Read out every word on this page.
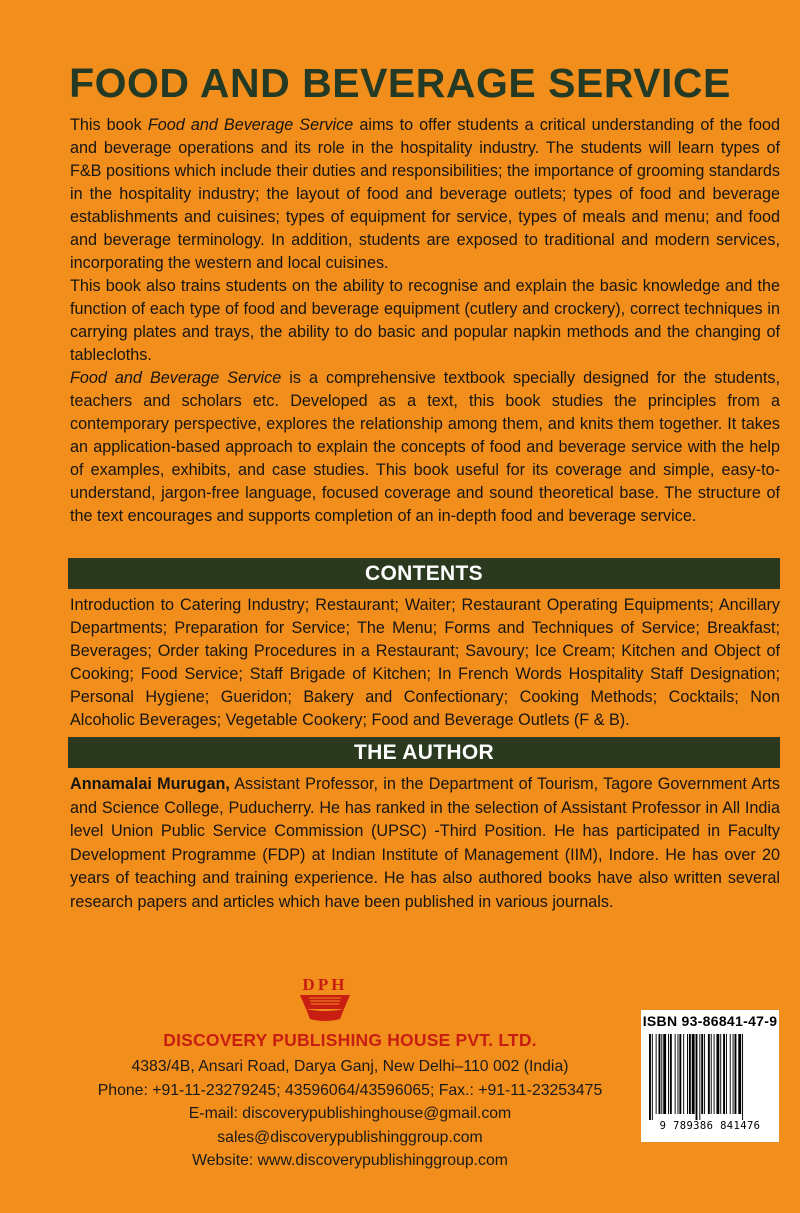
FOOD AND BEVERAGE SERVICE

This book Food and Beverage Service aims to offer students a critical understanding of the food and beverage operations and its role in the hospitality industry. The students will learn types of F&B positions which include their duties and responsibilities; the importance of grooming standards in the hospitality industry; the layout of food and beverage outlets; types of food and beverage establishments and cuisines; types of equipment for service, types of meals and menu; and food and beverage terminology. In addition, students are exposed to traditional and modern services, incorporating the western and local cuisines.

This book also trains students on the ability to recognise and explain the basic knowledge and the function of each type of food and beverage equipment (cutlery and crockery), correct techniques in carrying plates and trays, the ability to do basic and popular napkin methods and the changing of tablecloths.

Food and Beverage Service is a comprehensive textbook specially designed for the students, teachers and scholars etc. Developed as a text, this book studies the principles from a contemporary perspective, explores the relationship among them, and knits them together. It takes an application-based approach to explain the concepts of food and beverage service with the help of examples, exhibits, and case studies. This book useful for its coverage and simple, easy-to-understand, jargon-free language, focused coverage and sound theoretical base. The structure of the text encourages and supports completion of an in-depth food and beverage service.

CONTENTS

Introduction to Catering Industry; Restaurant; Waiter; Restaurant Operating Equipments; Ancillary Departments; Preparation for Service; The Menu; Forms and Techniques of Service; Breakfast; Beverages; Order taking Procedures in a Restaurant; Savoury; Ice Cream; Kitchen and Object of Cooking; Food Service; Staff Brigade of Kitchen; In French Words Hospitality Staff Designation; Personal Hygiene; Gueridon; Bakery and Confectionary; Cooking Methods; Cocktails; Non Alcoholic Beverages; Vegetable Cookery; Food and Beverage Outlets (F & B).

THE AUTHOR

Annamalai Murugan, Assistant Professor, in the Department of Tourism, Tagore Government Arts and Science College, Puducherry. He has ranked in the selection of Assistant Professor in All India level Union Public Service Commission (UPSC) -Third Position. He has participated in Faculty Development Programme (FDP) at Indian Institute of Management (IIM), Indore. He has over 20 years of teaching and training experience. He has also authored books have also written several research papers and articles which have been published in various journals.

DPH
DISCOVERY PUBLISHING HOUSE PVT. LTD.
4383/4B, Ansari Road, Darya Ganj, New Delhi–110 002 (India)
Phone: +91-11-23279245; 43596064/43596065; Fax.: +91-11-23253475
E-mail: discoverypublishinghouse@gmail.com
sales@discoverypublishinggroup.com
Website: www.discoverypublishinggroup.com
ISBN 93-86841-47-9
9 789386 841476
